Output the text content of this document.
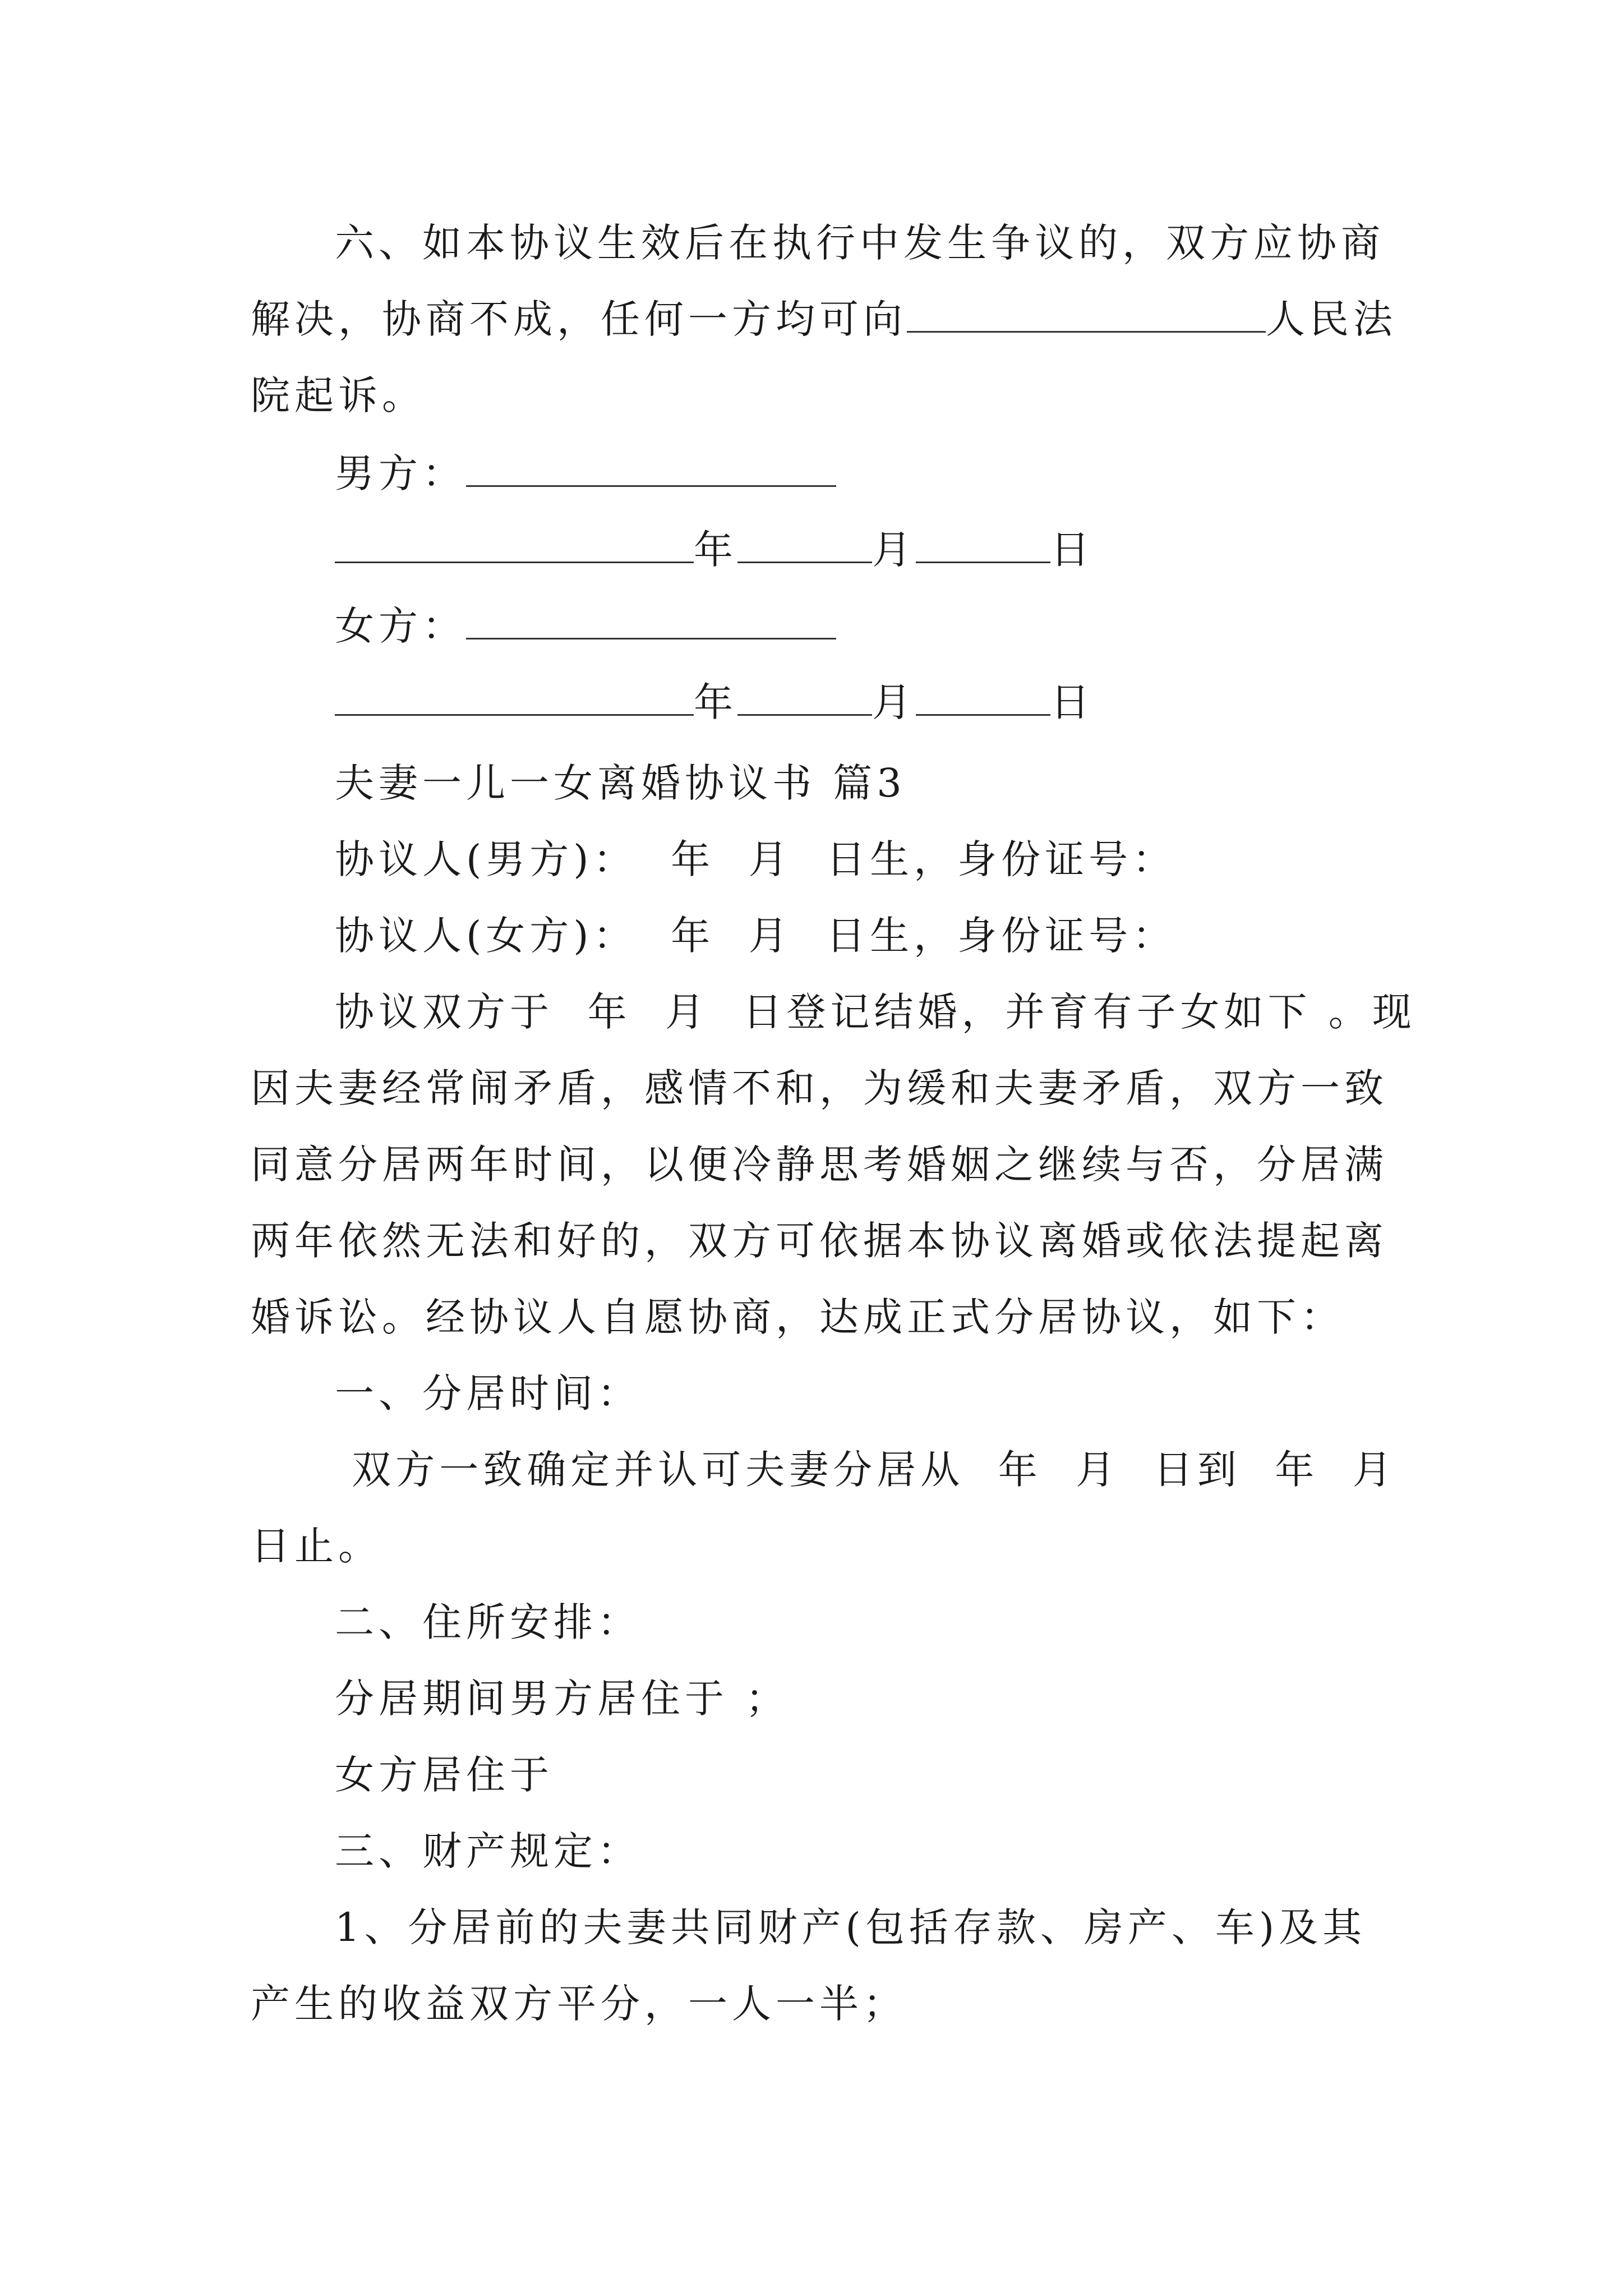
六、如本协议生效后在执行中发生争议的，双方应协商
解决，协商不成，任何一方均可向	人民法
院起诉。
男方：
年	月	日
女方：
年	月	日
夫妻一儿一女离婚协议书 篇3
协议人(男方)：  年  月  日生，身份证号：
协议人(女方)：  年  月  日生，身份证号：
协议双方于  年  月  日登记结婚，并育有子女如下 。现
因夫妻经常闹矛盾，感情不和，为缓和夫妻矛盾，双方一致
同意分居两年时间，以便冷静思考婚姻之继续与否，分居满
两年依然无法和好的，双方可依据本协议离婚或依法提起离
婚诉讼。经协议人自愿协商，达成正式分居协议，如下：
一、分居时间：
双方一致确定并认可夫妻分居从  年  月  日到  年  月
日止。
二、住所安排：
分居期间男方居住于 ；
女方居住于
三、财产规定：
1、分居前的夫妻共同财产(包括存款、房产、车)及其
产生的收益双方平分，一人一半；
